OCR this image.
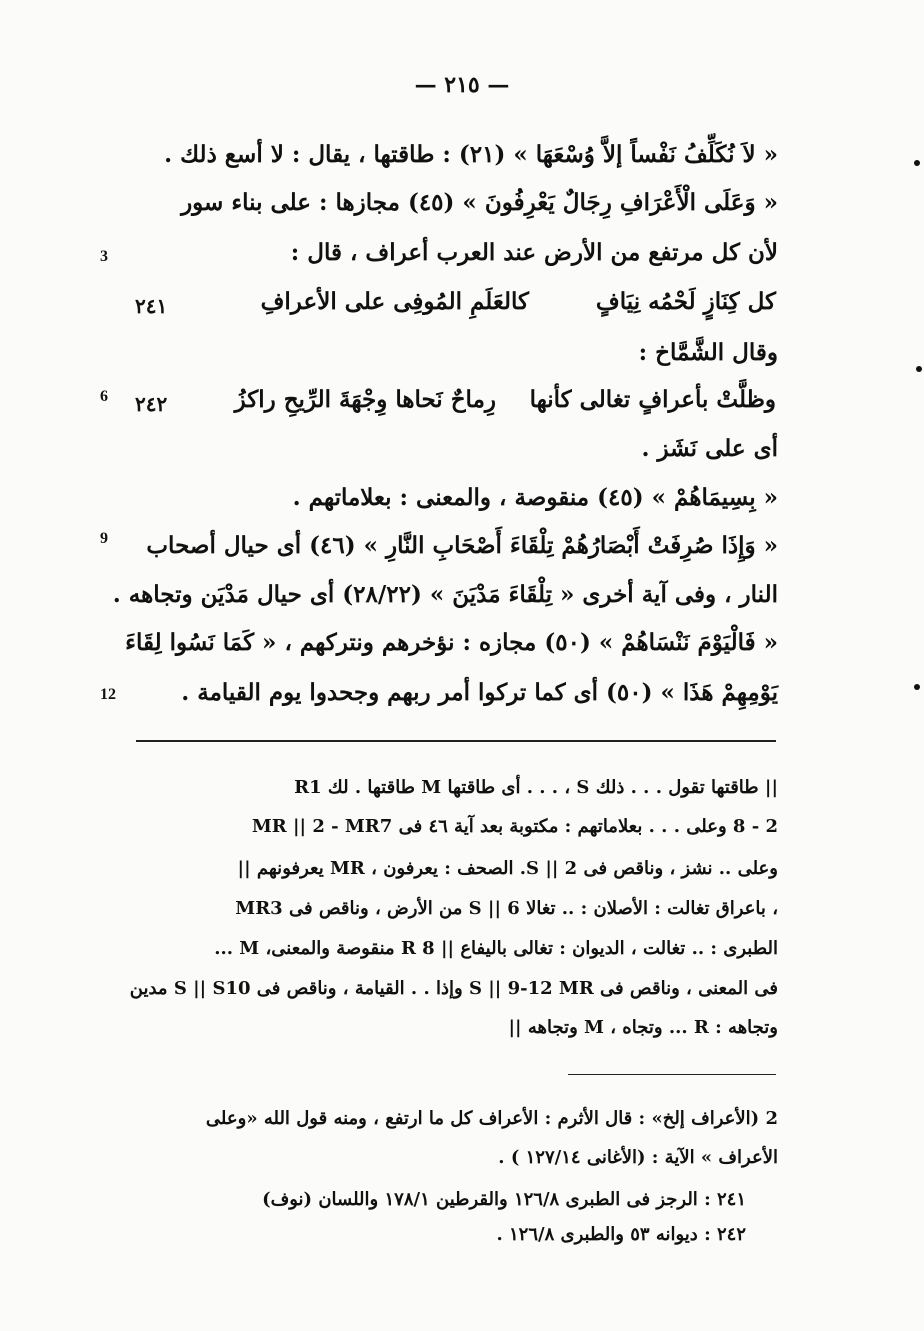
— ٢١٥ —
« لاَ نُكَلِّفُ نَفْساً إلاَّ وُسْعَهَا » (٢١) : طاقتها ، يقال : لا أسع ذلك .
« وَعَلَى الْأَعْرَافِ رِجَالٌ يَعْرِفُونَ » (٤٥) مجازها : على بناء سور
لأن كل مرتفع من الأرض عند العرب أعراف ، قال :
3
كل كِنَازٍ لَحْمُه نِيَافٍ
كالعَلَمِ المُوفِى على الأعرافِ
٢٤١
وقال الشَّمَّاخ :
وظلَّتْ بأعرافٍ تغالى كأنها
رِماحٌ نَحاها وِجْهَةَ الرِّيحِ راكزُ
٢٤٢
6
أى على نَشَز .
« بِسِيمَاهُمْ » (٤٥) منقوصة ، والمعنى : بعلاماتهم .
« وَإِذَا صُرِفَتْ أَبْصَارُهُمْ تِلْقَاءَ أَصْحَابِ النَّارِ » (٤٦) أى حيال أصحاب
9
النار ، وفى آية أخرى « تِلْقَاءَ مَدْيَنَ » (٢٨/٢٢) أى حيال مَدْيَن وتجاهه .
« فَالْيَوْمَ نَنْسَاهُمْ » (٥٠) مجازه : نؤخرهم ونتركهم ، « كَمَا نَسُوا لِقَاءَ
يَوْمِهِمْ هَذَا » (٥٠) أى كما تركوا أمر ربهم وجحدوا يوم القيامة .
12
R1 طاقتها . لك M أى طاقتها . . . ، S طاقتها تقول . . . ذلك ||
2 - 8 وعلى . . . بعلاماتهم : مكتوبة بعد آية ٤٦ فى MR || 2 - MR7
وعلى .. نشز ، وناقص فى S || 2. الصحف : يعرفون ، MR يعرفونهم ||
MR3 من الأرض ، وناقص فى S || 6 باعراق تغالت : الأصلان : .. تغالا ،
الطبرى : .. تغالت ، الديوان : تغالى باليفاع || R 8 منقوصة والمعنى، M ...
فى المعنى ، وناقص فى S || 9-12 MR وإذا . . القيامة ، وناقص فى S || S10 مدين
وتجاهه : R ... وتجاه ، M وتجاهه ||
2 (الأعراف إلخ» : قال الأثرم : الأعراف كل ما ارتفع ، ومنه قول الله «وعلى
الأعراف » الآية : (الأغانى ١٢٧/١٤ ) .
٢٤١ : الرجز فى الطبرى ١٢٦/٨ والقرطين ١٧٨/١ واللسان (نوف)
٢٤٢ : ديوانه ٥٣ والطبرى ١٢٦/٨ .
